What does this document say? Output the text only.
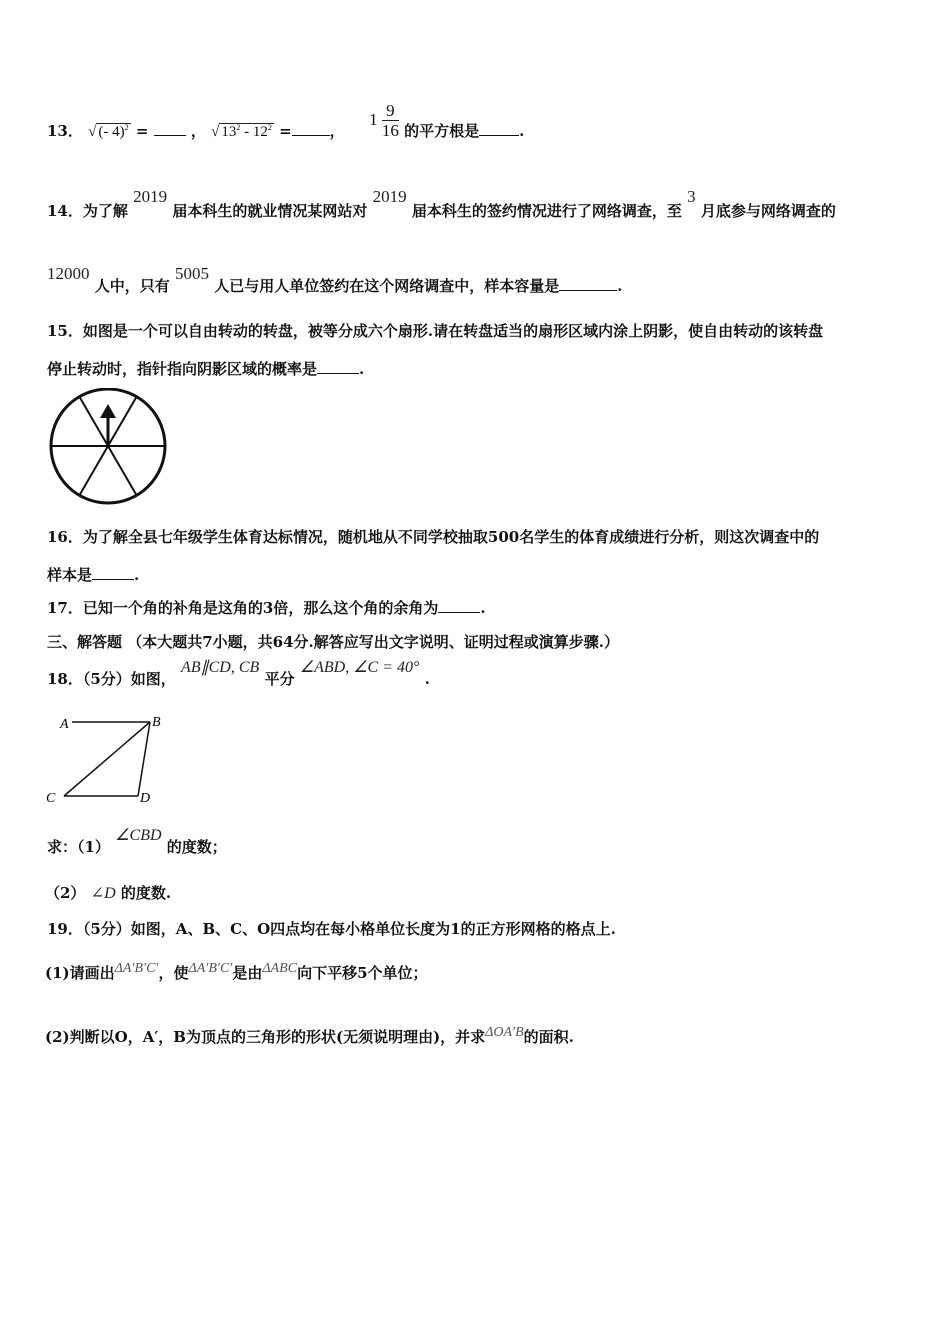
13． √ (- 4)$^2$ =	， √ $13^2 - 12^2$ =	，  $1 \frac{9}{16}$ 的平方根是	.
14．为了解 2019 届本科生的就业情况某网站对 2019 届本科生的签约情况进行了网络调查，至 3 月底参与网络调查的
12000 人中，只有 5005 人已与用人单位签约在这个网络调查中，样本容量是	.
15．如图是一个可以自由转动的转盘，被等分成六个扇形.请在转盘适当的扇形区域内涂上阴影，使自由转动的该转盘
停止转动时，指针指向阴影区域的概率是	.
16．为了解全县七年级学生体育达标情况，随机地从不同学校抽取500名学生的体育成绩进行分析，则这次调查中的
样本是	.
17．已知一个角的补角是这角的3倍，那么这个角的余角为	.
三、解答题 （本大题共7小题，共64分.解答应写出文字说明、证明过程或演算步骤.）
18．（5分）如图， AB∥CD, CB 平分 ∠ABD, ∠C = 40° .
A	B
C	D
求：（1） ∠CBD 的度数；
（2） ∠D 的度数.
19．（5分）如图，A、B、C、O四点均在每小格单位长度为1的正方形网格的格点上.
(1)请画出ΔA′B′C′，使ΔA′B′C′是由ΔABC向下平移5个单位；
(2)判断以O，A′，B为顶点的三角形的形状(无须说明理由)，并求ΔOA′B的面积.
